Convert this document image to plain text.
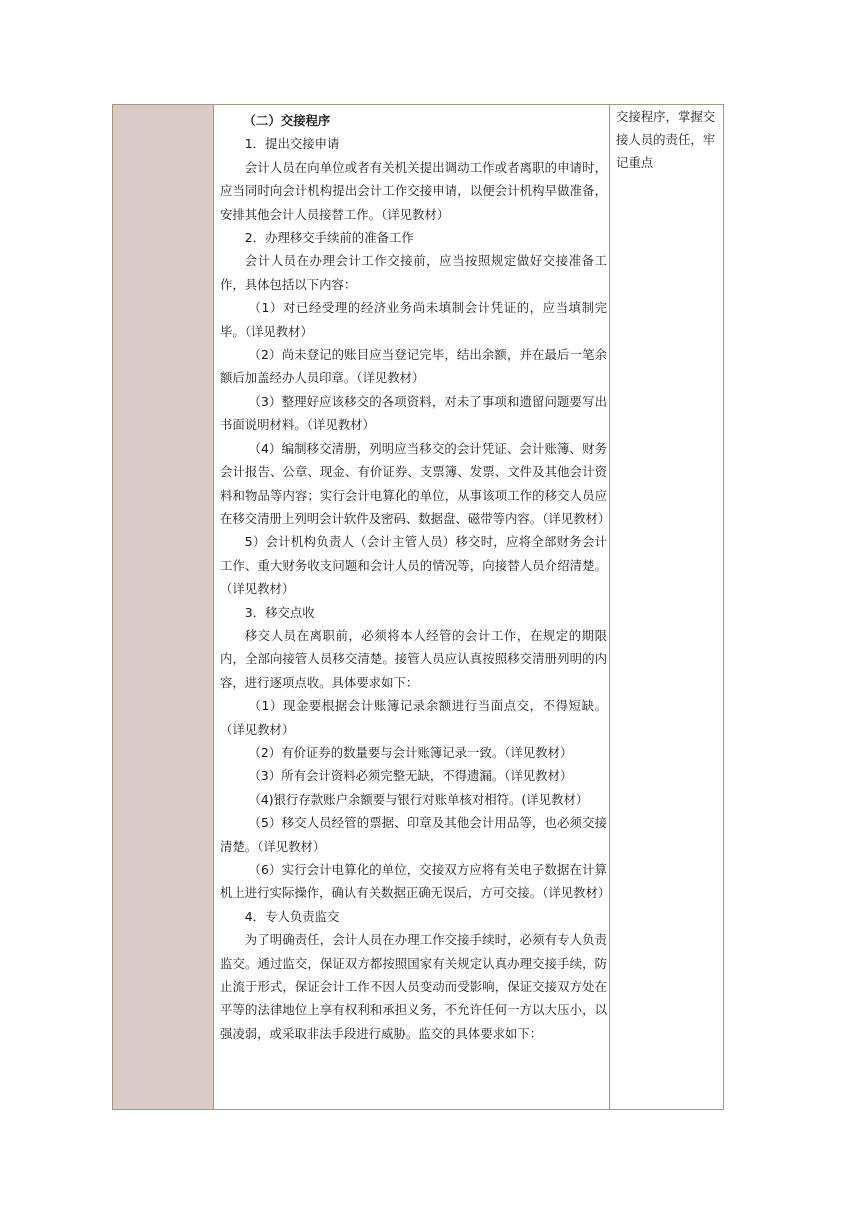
（二）交接程序

1．提出交接申请

会计人员在向单位或者有关机关提出调动工作或者离职的申请时，应当同时向会计机构提出会计工作交接申请，以便会计机构早做准备，安排其他会计人员接替工作。（详见教材）

2．办理移交手续前的准备工作

会计人员在办理会计工作交接前，应当按照规定做好交接准备工作，具体包括以下内容：

（1）对已经受理的经济业务尚未填制会计凭证的，应当填制完毕。（详见教材）

（2）尚未登记的账目应当登记完毕，结出余额，并在最后一笔余额后加盖经办人员印章。（详见教材）

（3）整理好应该移交的各项资料，对未了事项和遗留问题要写出书面说明材料。（详见教材）

（4）编制移交清册，列明应当移交的会计凭证、会计账簿、财务会计报告、公章、现金、有价证券、支票簿、发票、文件及其他会计资料和物品等内容；实行会计电算化的单位，从事该项工作的移交人员应在移交清册上列明会计软件及密码、数据盘、磁带等内容。（详见教材）

5）会计机构负责人（会计主管人员）移交时，应将全部财务会计工作、重大财务收支问题和会计人员的情况等，向接替人员介绍清楚。（详见教材）

3．移交点收

移交人员在离职前，必须将本人经管的会计工作，在规定的期限内，全部向接管人员移交清楚。接管人员应认真按照移交清册列明的内容，进行逐项点收。具体要求如下：

（1）现金要根据会计账簿记录余额进行当面点交，不得短缺。（详见教材）

（2）有价证券的数量要与会计账簿记录一致。（详见教材）

（3）所有会计资料必须完整无缺，不得遗漏。（详见教材）

（4)银行存款账户余额要与银行对账单核对相符。(详见教材）

（5）移交人员经管的票据、印章及其他会计用品等，也必须交接清楚。（详见教材）

（6）实行会计电算化的单位，交接双方应将有关电子数据在计算机上进行实际操作，确认有关数据正确无误后，方可交接。（详见教材）

4．专人负责监交

为了明确责任，会计人员在办理工作交接手续时，必须有专人负责监交。通过监交，保证双方都按照国家有关规定认真办理交接手续，防止流于形式，保证会计工作不因人员变动而受影响，保证交接双方处在平等的法律地位上享有权利和承担义务，不允许任何一方以大压小，以强凌弱，或采取非法手段进行威胁。监交的具体要求如下：

交接程序，掌握交接人员的责任，牢记重点
